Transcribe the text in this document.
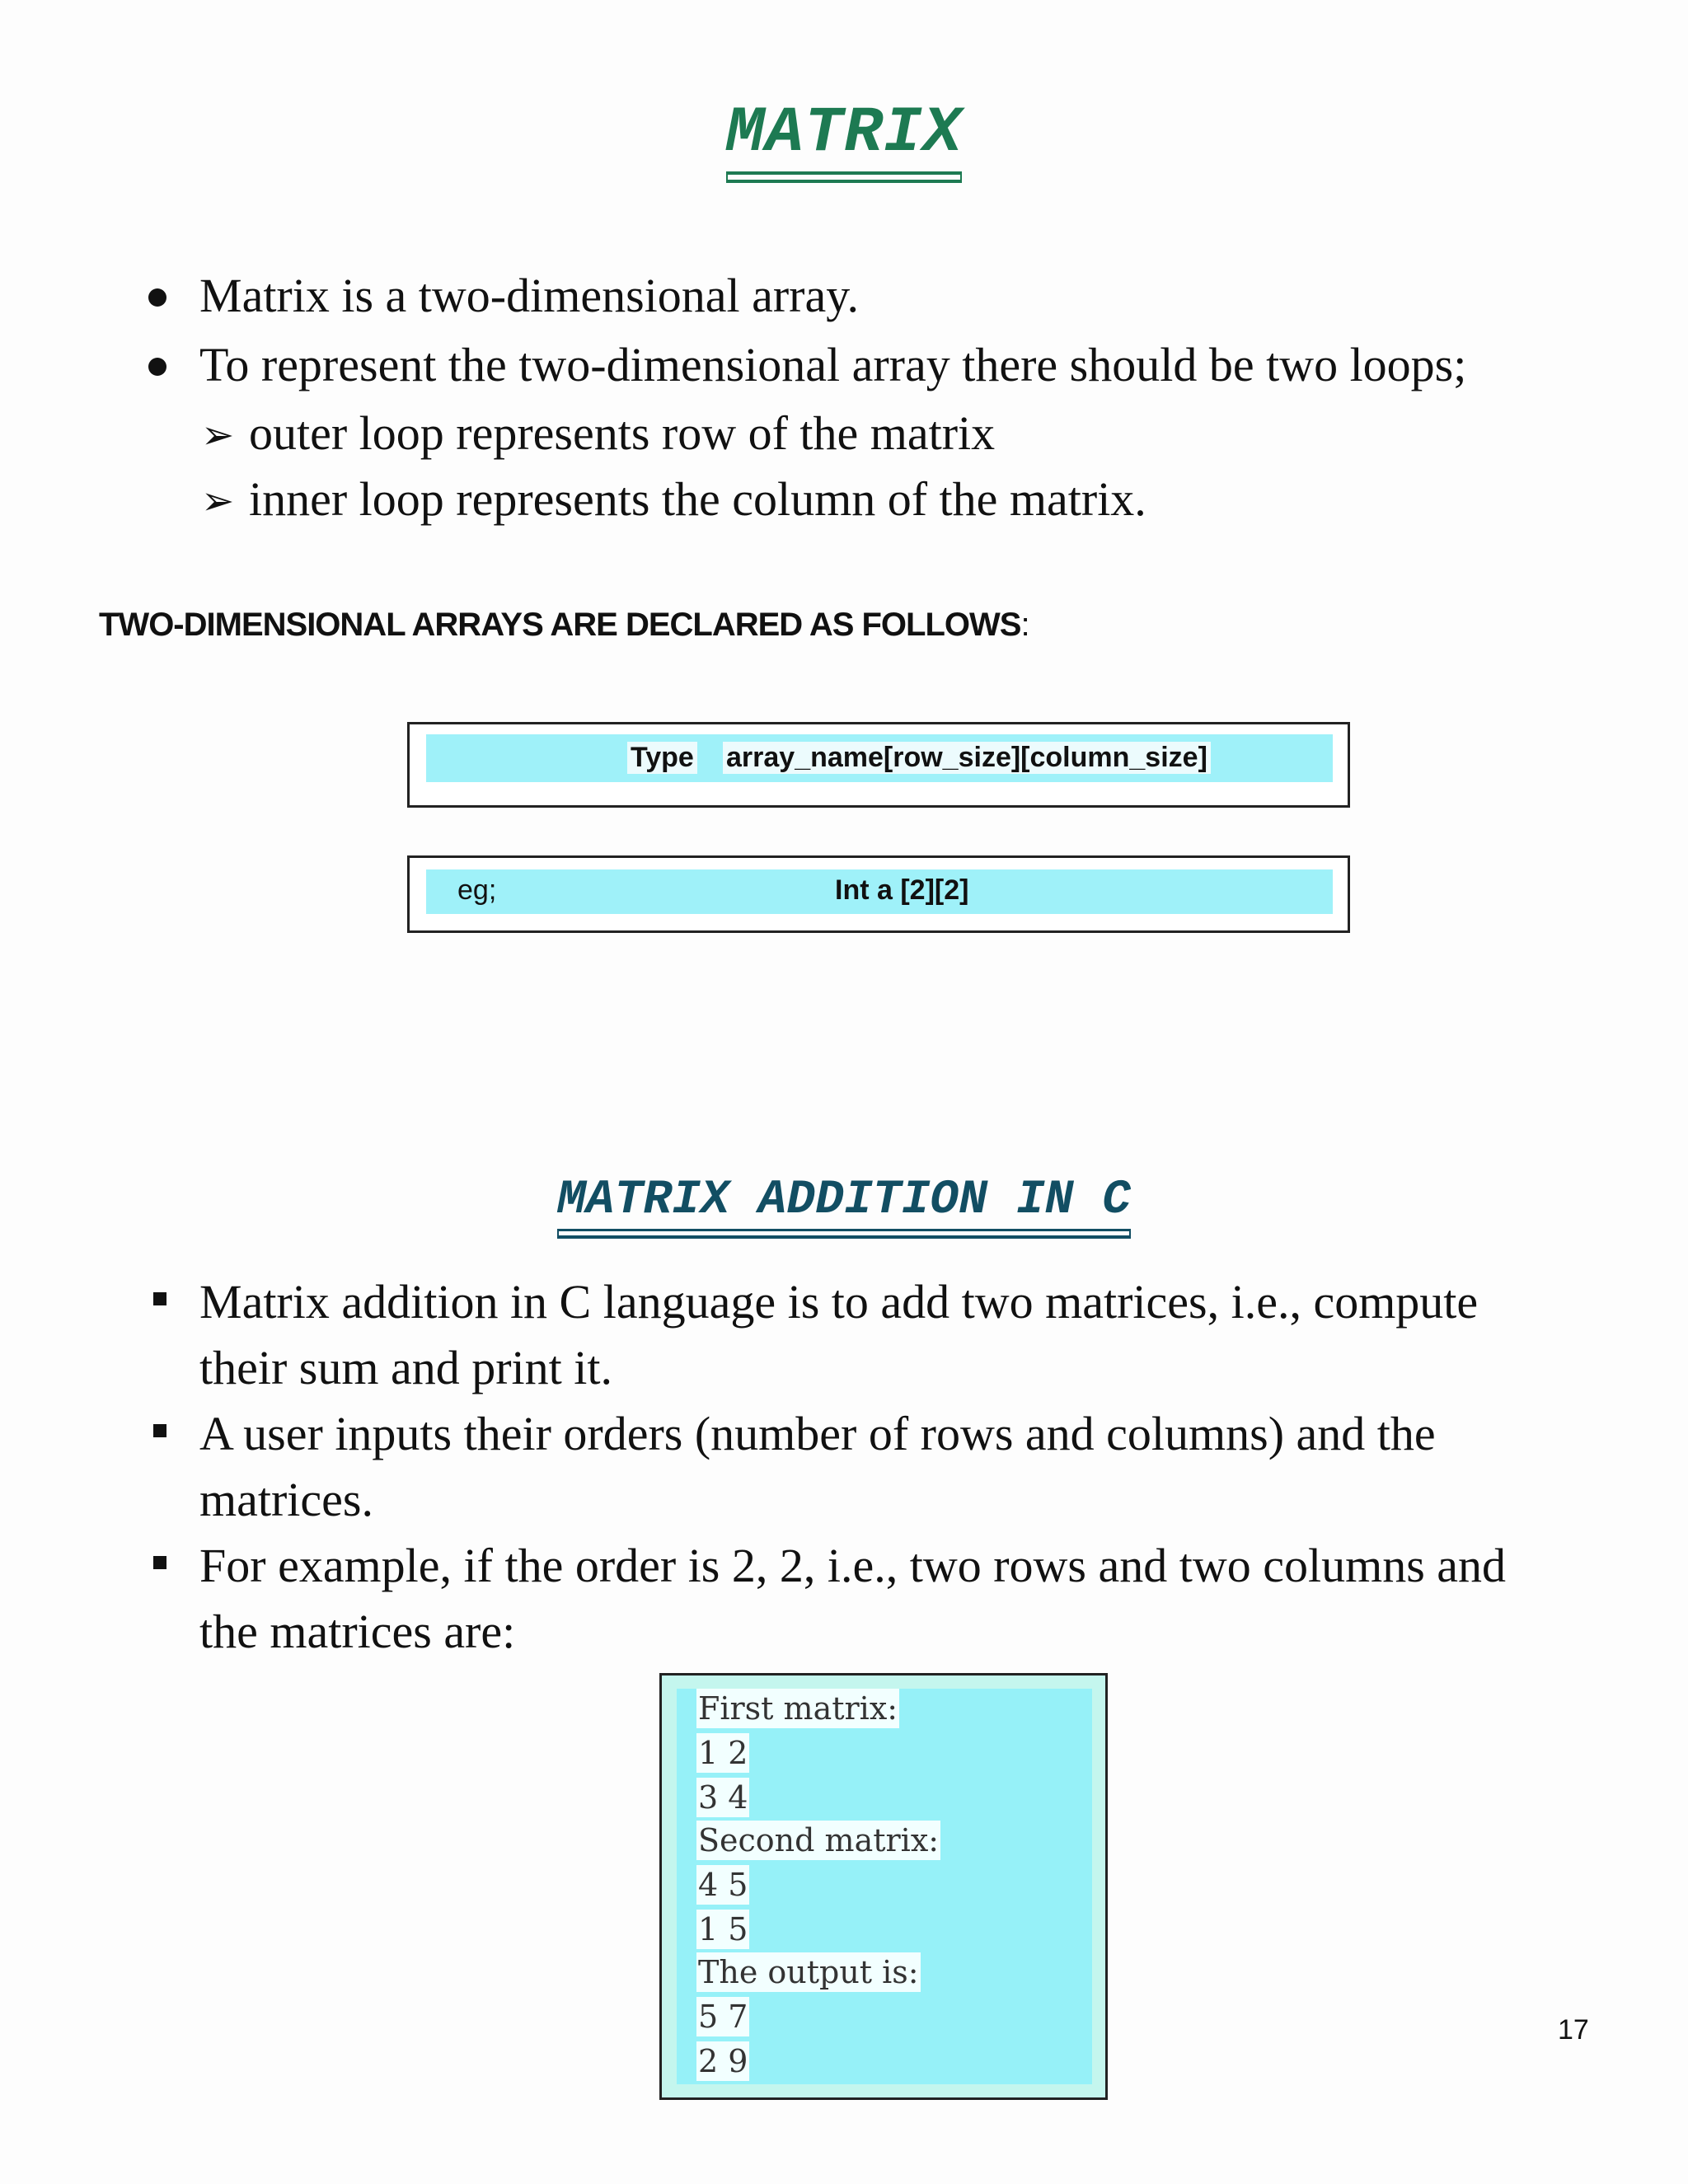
MATRIX
Matrix is a two-dimensional array.
To represent the two-dimensional array there should be two loops;
➢ outer loop represents row of the matrix
➢ inner loop represents the column of the matrix.
TWO-DIMENSIONAL ARRAYS ARE DECLARED AS FOLLOWS:
Type array_name[row_size][column_size]
eg;	Int a [2][2]
MATRIX ADDITION IN C
Matrix addition in C language is to add two matrices, i.e., compute
their sum and print it.
A user inputs their orders (number of rows and columns) and the
matrices.
For example, if the order is 2, 2, i.e., two rows and two columns and
the matrices are:
First matrix:
1 2
3 4
Second matrix:
4 5
1 5
The output is:
5 7
2 9
17
